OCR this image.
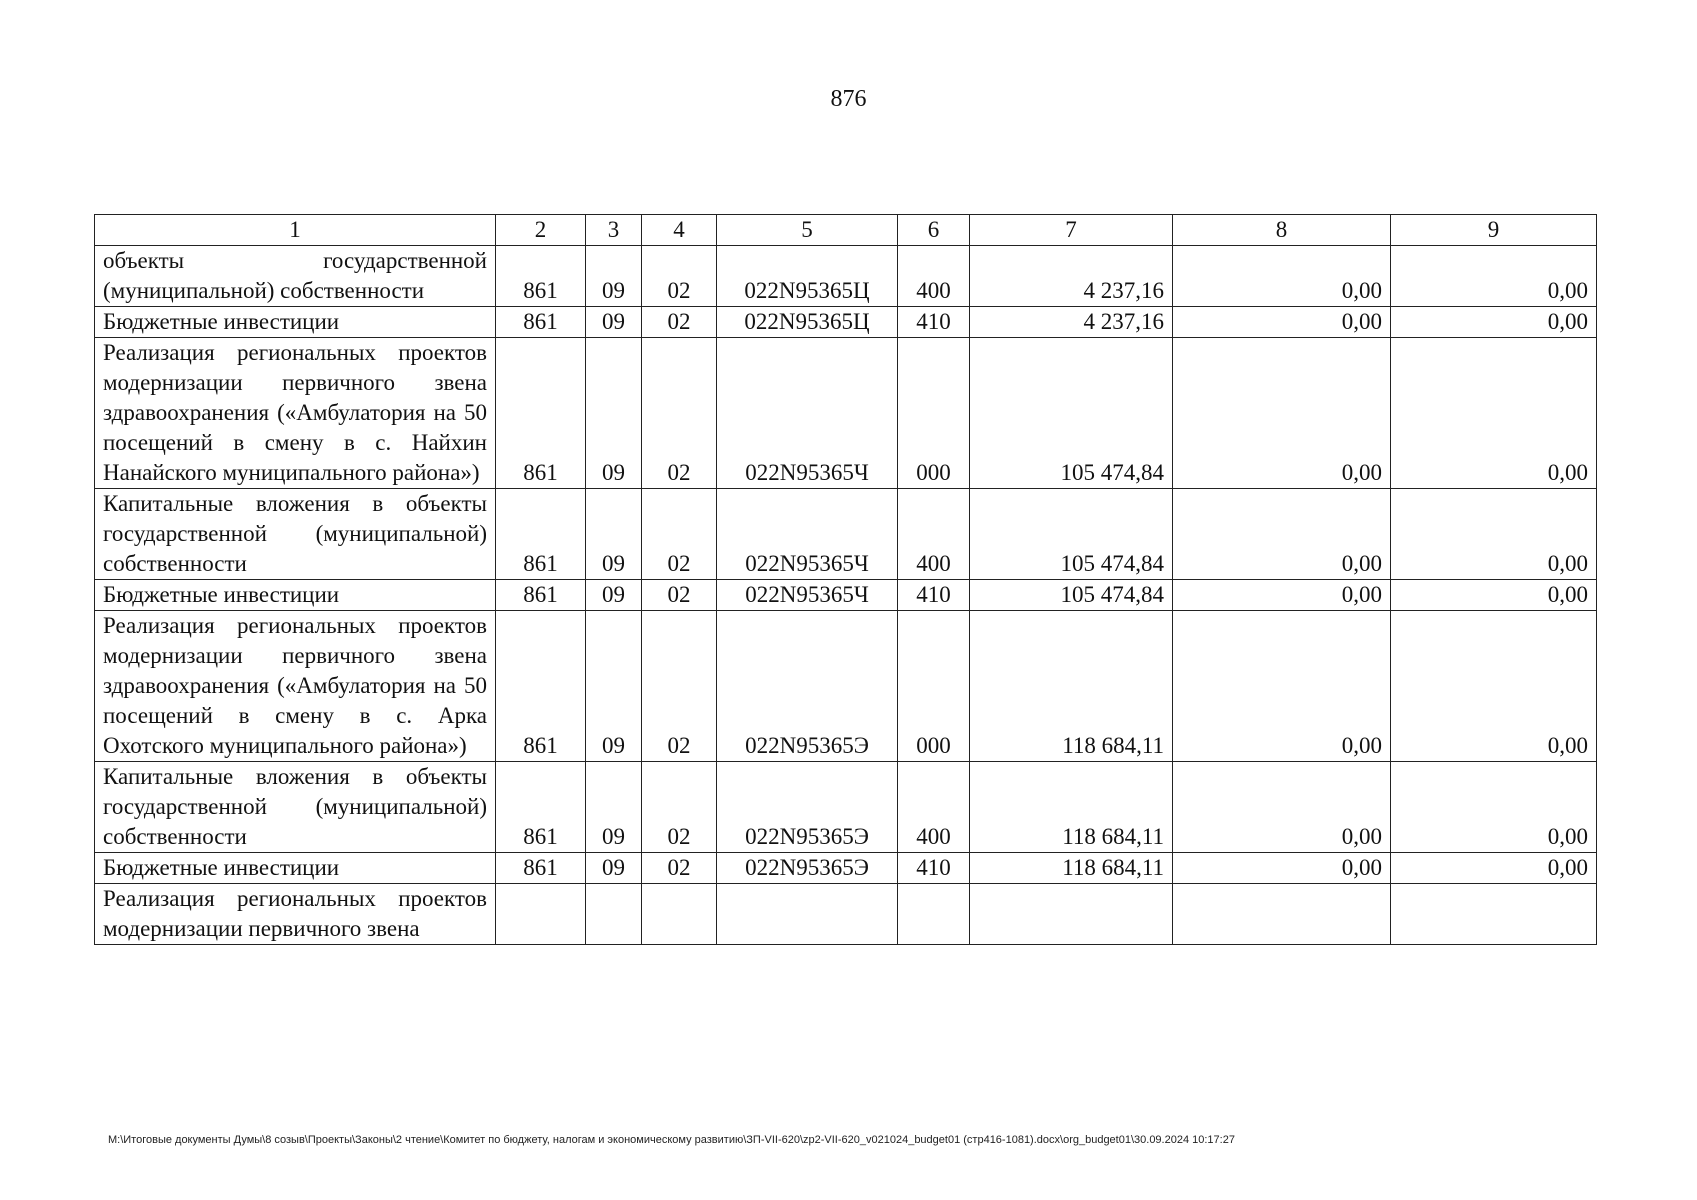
876
1	2	3	4	5	6	7	8	9
объекты государственной (муниципальной) собственности	861	09	02	022N95365Ц	400	4 237,16	0,00	0,00
Бюджетные инвестиции	861	09	02	022N95365Ц	410	4 237,16	0,00	0,00
Реализация региональных проектов модернизации первичного звена здравоохранения («Амбулатория на 50 посещений в смену в с. Найхин Нанайского муниципального района»)	861	09	02	022N95365Ч	000	105 474,84	0,00	0,00
Капитальные вложения в объекты государственной (муниципальной) собственности	861	09	02	022N95365Ч	400	105 474,84	0,00	0,00
Бюджетные инвестиции	861	09	02	022N95365Ч	410	105 474,84	0,00	0,00
Реализация региональных проектов модернизации первичного звена здравоохранения («Амбулатория на 50 посещений в смену в с. Арка Охотского муниципального района»)	861	09	02	022N95365Э	000	118 684,11	0,00	0,00
Капитальные вложения в объекты государственной (муниципальной) собственности	861	09	02	022N95365Э	400	118 684,11	0,00	0,00
Бюджетные инвестиции	861	09	02	022N95365Э	410	118 684,11	0,00	0,00
Реализация региональных проектов модернизации первичного звена								
M:\Итоговые документы Думы\8 созыв\Проекты\Законы\2 чтение\Комитет по бюджету, налогам и экономическому развитию\ЗП-VII-620\zp2-VII-620_v021024_budget01 (стр416-1081).docx\org_budget01\30.09.2024 10:17:27
